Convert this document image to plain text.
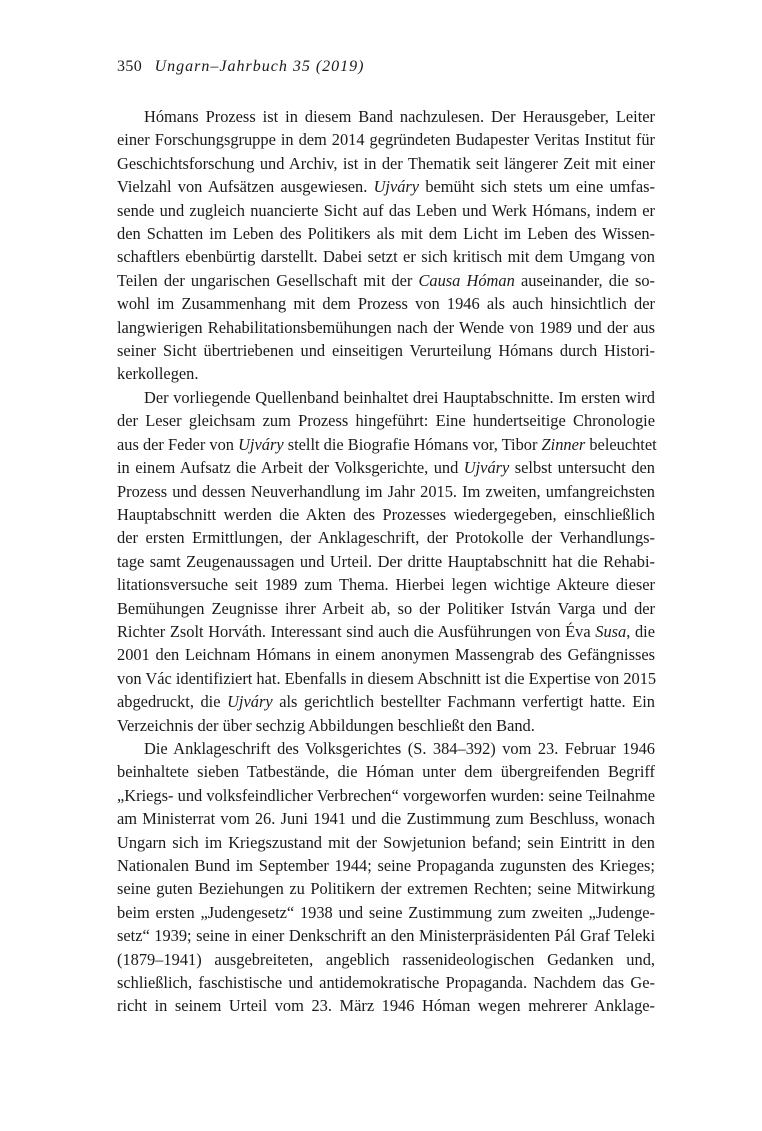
350 Ungarn–Jahrbuch 35 (2019)
Hómans Prozess ist in diesem Band nachzulesen. Der Herausgeber, Leiter
einer Forschungsgruppe in dem 2014 gegründeten Budapester Veritas Institut für
Geschichtsforschung und Archiv, ist in der Thematik seit längerer Zeit mit einer
Vielzahl von Aufsätzen ausgewiesen. Ujváry bemüht sich stets um eine umfas-
sende und zugleich nuancierte Sicht auf das Leben und Werk Hómans, indem er
den Schatten im Leben des Politikers als mit dem Licht im Leben des Wissen-
schaftlers ebenbürtig darstellt. Dabei setzt er sich kritisch mit dem Umgang von
Teilen der ungarischen Gesellschaft mit der Causa Hóman auseinander, die so-
wohl im Zusammenhang mit dem Prozess von 1946 als auch hinsichtlich der
langwierigen Rehabilitationsbemühungen nach der Wende von 1989 und der aus
seiner Sicht übertriebenen und einseitigen Verurteilung Hómans durch Histori-
kerkollegen.
Der vorliegende Quellenband beinhaltet drei Hauptabschnitte. Im ersten wird
der Leser gleichsam zum Prozess hingeführt: Eine hundertseitige Chronologie
aus der Feder von Ujváry stellt die Biografie Hómans vor, Tibor Zinner beleuchtet
in einem Aufsatz die Arbeit der Volksgerichte, und Ujváry selbst untersucht den
Prozess und dessen Neuverhandlung im Jahr 2015. Im zweiten, umfangreichsten
Hauptabschnitt werden die Akten des Prozesses wiedergegeben, einschließlich
der ersten Ermittlungen, der Anklageschrift, der Protokolle der Verhandlungs-
tage samt Zeugenaussagen und Urteil. Der dritte Hauptabschnitt hat die Rehabi-
litationsversuche seit 1989 zum Thema. Hierbei legen wichtige Akteure dieser
Bemühungen Zeugnisse ihrer Arbeit ab, so der Politiker István Varga und der
Richter Zsolt Horváth. Interessant sind auch die Ausführungen von Éva Susa, die
2001 den Leichnam Hómans in einem anonymen Massengrab des Gefängnisses
von Vác identifiziert hat. Ebenfalls in diesem Abschnitt ist die Expertise von 2015
abgedruckt, die Ujváry als gerichtlich bestellter Fachmann verfertigt hatte. Ein
Verzeichnis der über sechzig Abbildungen beschließt den Band.
Die Anklageschrift des Volksgerichtes (S. 384–392) vom 23. Februar 1946
beinhaltete sieben Tatbestände, die Hóman unter dem übergreifenden Begriff
„Kriegs- und volksfeindlicher Verbrechen“ vorgeworfen wurden: seine Teilnahme
am Ministerrat vom 26. Juni 1941 und die Zustimmung zum Beschluss, wonach
Ungarn sich im Kriegszustand mit der Sowjetunion befand; sein Eintritt in den
Nationalen Bund im September 1944; seine Propaganda zugunsten des Krieges;
seine guten Beziehungen zu Politikern der extremen Rechten; seine Mitwirkung
beim ersten „Judengesetz“ 1938 und seine Zustimmung zum zweiten „Judenge-
setz“ 1939; seine in einer Denkschrift an den Ministerpräsidenten Pál Graf Teleki
(1879–1941) ausgebreiteten, angeblich rassenideologischen Gedanken und,
schließlich, faschistische und antidemokratische Propaganda. Nachdem das Ge-
richt in seinem Urteil vom 23. März 1946 Hóman wegen mehrerer Anklage-
